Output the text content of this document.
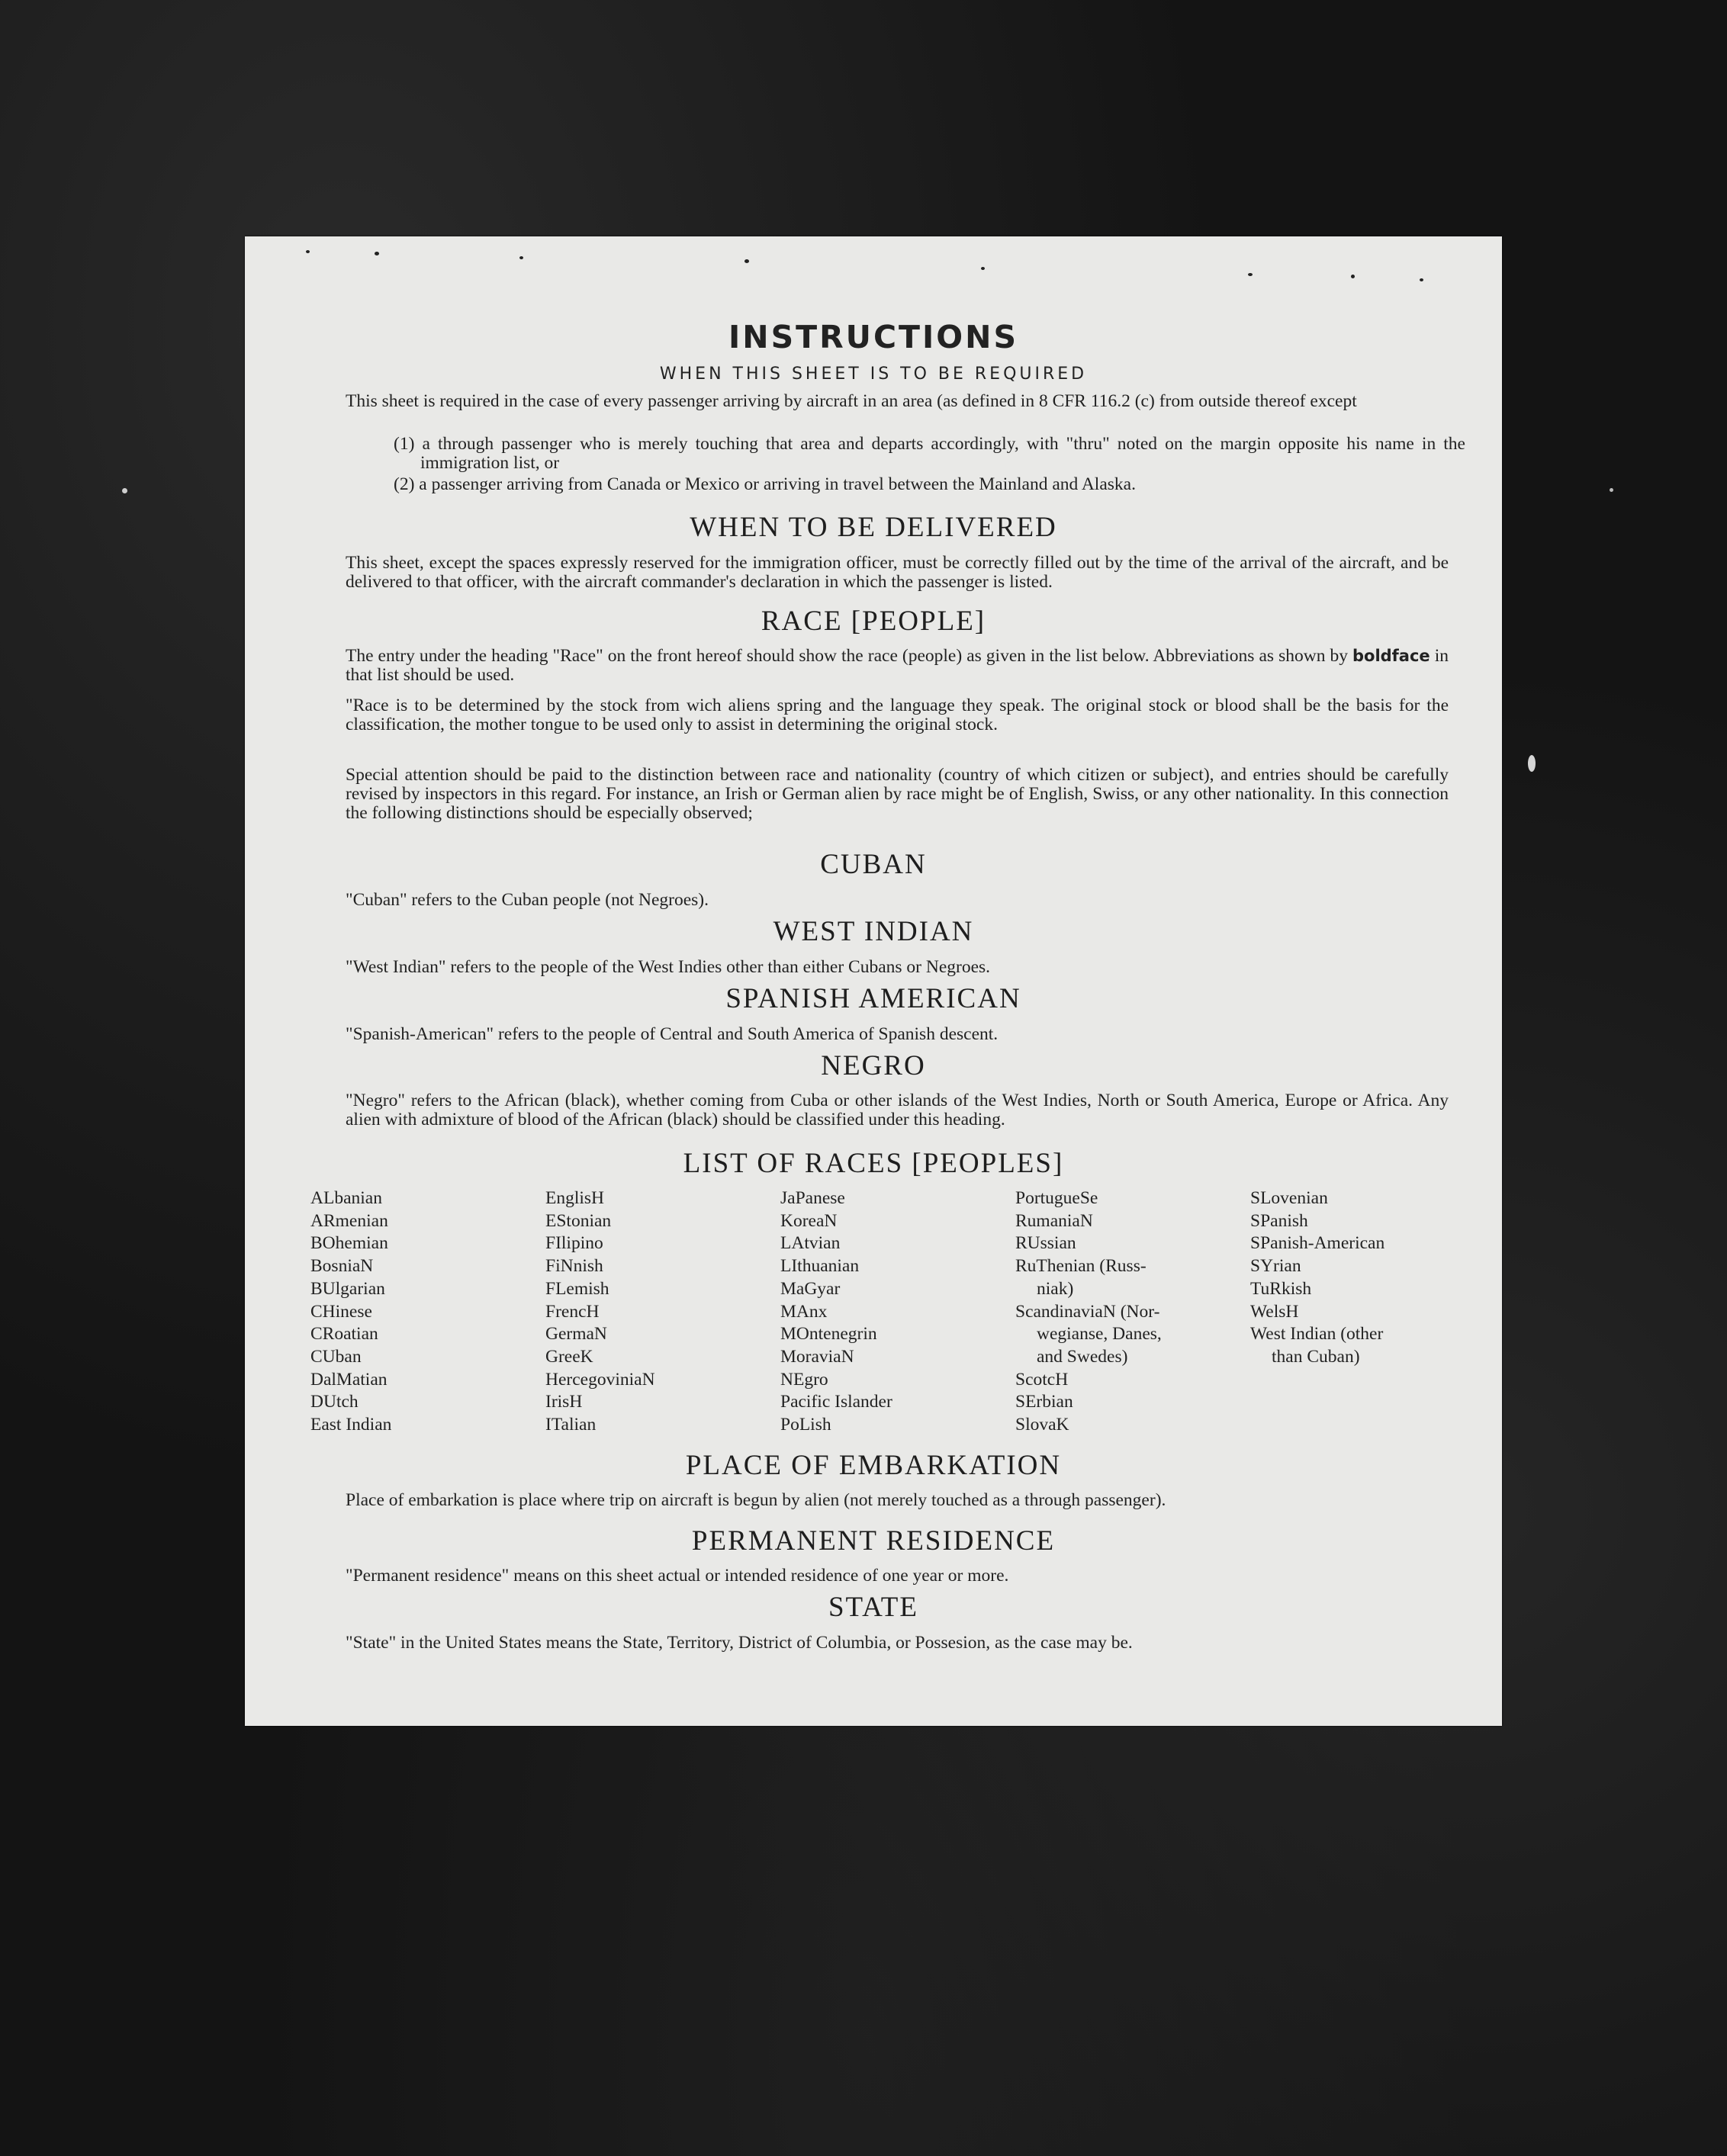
INSTRUCTIONS
WHEN THIS SHEET IS TO BE REQUIRED
This sheet is required in the case of every passenger arriving by aircraft in an area (as defined in 8 CFR 116.2 (c) from outside thereof except
(1) a through passenger who is merely touching that area and departs accordingly, with "thru" noted on the margin opposite his name in the immigration list, or
(2) a passenger arriving from Canada or Mexico or arriving in travel between the Mainland and Alaska.
WHEN TO BE DELIVERED
This sheet, except the spaces expressly reserved for the immigration officer, must be correctly filled out by the time of the arrival of the aircraft, and be delivered to that officer, with the aircraft commander's declaration in which the passenger is listed.
RACE [PEOPLE]
The entry under the heading "Race" on the front hereof should show the race (people) as given in the list below. Abbreviations as shown by boldface in that list should be used.
"Race is to be determined by the stock from wich aliens spring and the language they speak. The original stock or blood shall be the basis for the classification, the mother tongue to be used only to assist in determining the original stock.
Special attention should be paid to the distinction between race and nationality (country of which citizen or subject), and entries should be carefully revised by inspectors in this regard. For instance, an Irish or German alien by race might be of English, Swiss, or any other nationality. In this connection the following distinctions should be especially observed;
CUBAN
"Cuban" refers to the Cuban people (not Negroes).
WEST INDIAN
"West Indian" refers to the people of the West Indies other than either Cubans or Negroes.
SPANISH AMERICAN
"Spanish-American" refers to the people of Central and South America of Spanish descent.
NEGRO
"Negro" refers to the African (black), whether coming from Cuba or other islands of the West Indies, North or South America, Europe or Africa. Any alien with admixture of blood of the African (black) should be classified under this heading.
LIST OF RACES [PEOPLES]
ALbanian
ARmenian
BOhemian
BosniaN
BUlgarian
CHinese
CRoatian
CUban
DalMatian
DUtch
East Indian
EnglisH
EStonian
FIlipino
FiNnish
FLemish
FrencH
GermaN
GreeK
HercegoviniaN
IrisH
ITalian
JaPanese
KoreaN
LAtvian
LIthuanian
MaGyar
MAnx
MOntenegrin
MoraviaN
NEgro
Pacific Islander
PoLish
PortugueSe
RumaniaN
RUssian
RuThenian (Russ-
niak)
ScandinaviaN (Nor-
wegianse, Danes,
and Swedes)
ScotcH
SErbian
SlovaK
SLovenian
SPanish
SPanish-American
SYrian
TuRkish
WelsH
West Indian (other
than Cuban)
PLACE OF EMBARKATION
Place of embarkation is place where trip on aircraft is begun by alien (not merely touched as a through passenger).
PERMANENT RESIDENCE
"Permanent residence" means on this sheet actual or intended residence of one year or more.
STATE
"State" in the United States means the State, Territory, District of Columbia, or Possesion, as the case may be.
